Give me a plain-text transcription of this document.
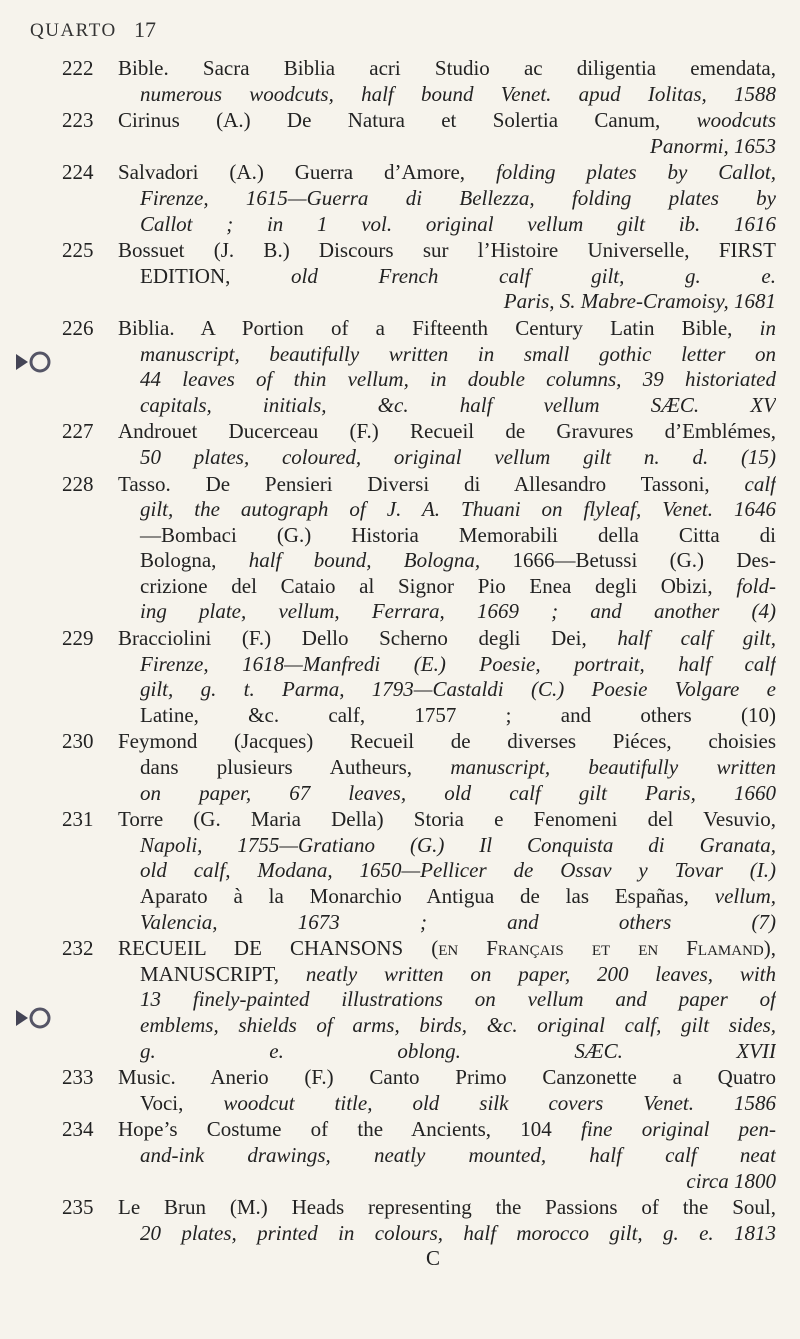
QUARTO 17
222	Bible. Sacra Biblia acri Studio ac diligentia emendata,
numerous woodcuts, half bound Venet. apud Iolitas, 1588
223	Cirinus (A.) De Natura et Solertia Canum, woodcuts
Panormi, 1653
224	Salvadori (A.) Guerra d’Amore, folding plates by Callot,
Firenze, 1615—Guerra di Bellezza, folding plates by
Callot ; in 1 vol. original vellum gilt ib. 1616
225	Bossuet (J. B.) Discours sur l’Histoire Universelle, FIRST
EDITION, old French calf gilt, g. e.
Paris, S. Mabre-Cramoisy, 1681
226	Biblia. A Portion of a Fifteenth Century Latin Bible, in
manuscript, beautifully written in small gothic letter on
44 leaves of thin vellum, in double columns, 39 historiated
capitals, initials, &c. half vellum SÆC. XV
227	Androuet Ducerceau (F.) Recueil de Gravures d’Emblémes,
50 plates, coloured, original vellum gilt n. d. (15)
228	Tasso. De Pensieri Diversi di Allesandro Tassoni, calf
gilt, the autograph of J. A. Thuani on flyleaf, Venet. 1646
—Bombaci (G.) Historia Memorabili della Citta di
Bologna, half bound, Bologna, 1666—Betussi (G.) Des-
crizione del Cataio al Signor Pio Enea degli Obizi, fold-
ing plate, vellum, Ferrara, 1669 ; and another (4)
229	Bracciolini (F.) Dello Scherno degli Dei, half calf gilt,
Firenze, 1618—Manfredi (E.) Poesie, portrait, half calf
gilt, g. t. Parma, 1793—Castaldi (C.) Poesie Volgare e
Latine, &c. calf, 1757 ; and others (10)
230	Feymond (Jacques) Recueil de diverses Piéces, choisies
dans plusieurs Autheurs, manuscript, beautifully written
on paper, 67 leaves, old calf gilt Paris, 1660
231	Torre (G. Maria Della) Storia e Fenomeni del Vesuvio,
Napoli, 1755—Gratiano (G.) Il Conquista di Granata,
old calf, Modana, 1650—Pellicer de Ossav y Tovar (I.)
Aparato à la Monarchio Antigua de las Españas, vellum,
Valencia, 1673 ; and others (7)
232	RECUEIL DE CHANSONS (en Français et en Flamand),
MANUSCRIPT, neatly written on paper, 200 leaves, with
13 finely-painted illustrations on vellum and paper of
emblems, shields of arms, birds, &c. original calf, gilt sides,
g. e. oblong. SÆC. XVII
233	Music. Anerio (F.) Canto Primo Canzonette a Quatro
Voci, woodcut title, old silk covers Venet. 1586
234	Hope’s Costume of the Ancients, 104 fine original pen-
and-ink drawings, neatly mounted, half calf neat
circa 1800
235	Le Brun (M.) Heads representing the Passions of the Soul,
20 plates, printed in colours, half morocco gilt, g. e. 1813
C
